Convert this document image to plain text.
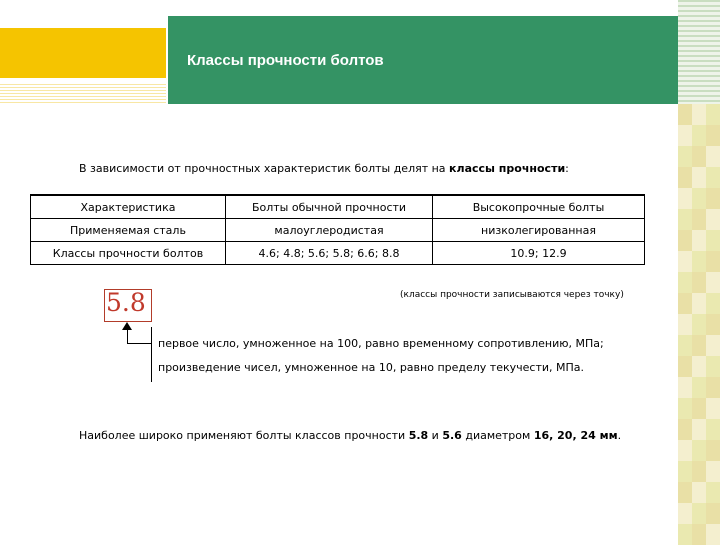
Классы прочности болтов
В зависимости от прочностных характеристик болты делят на классы прочности:
Характеристика	Болты обычной прочности	Высокопрочные болты
Применяемая сталь	малоуглеродистая	низколегированная
Классы прочности болтов	4.6; 4.8; 5.6; 5.8; 6.6; 8.8	10.9; 12.9
5.8	(классы прочности записываются через точку)
первое число, умноженное на 100, равно временному сопротивлению, МПа;
произведение чисел, умноженное на 10, равно пределу текучести, МПа.
Наиболее широко применяют болты классов прочности 5.8 и 5.6 диаметром 16, 20, 24 мм.
